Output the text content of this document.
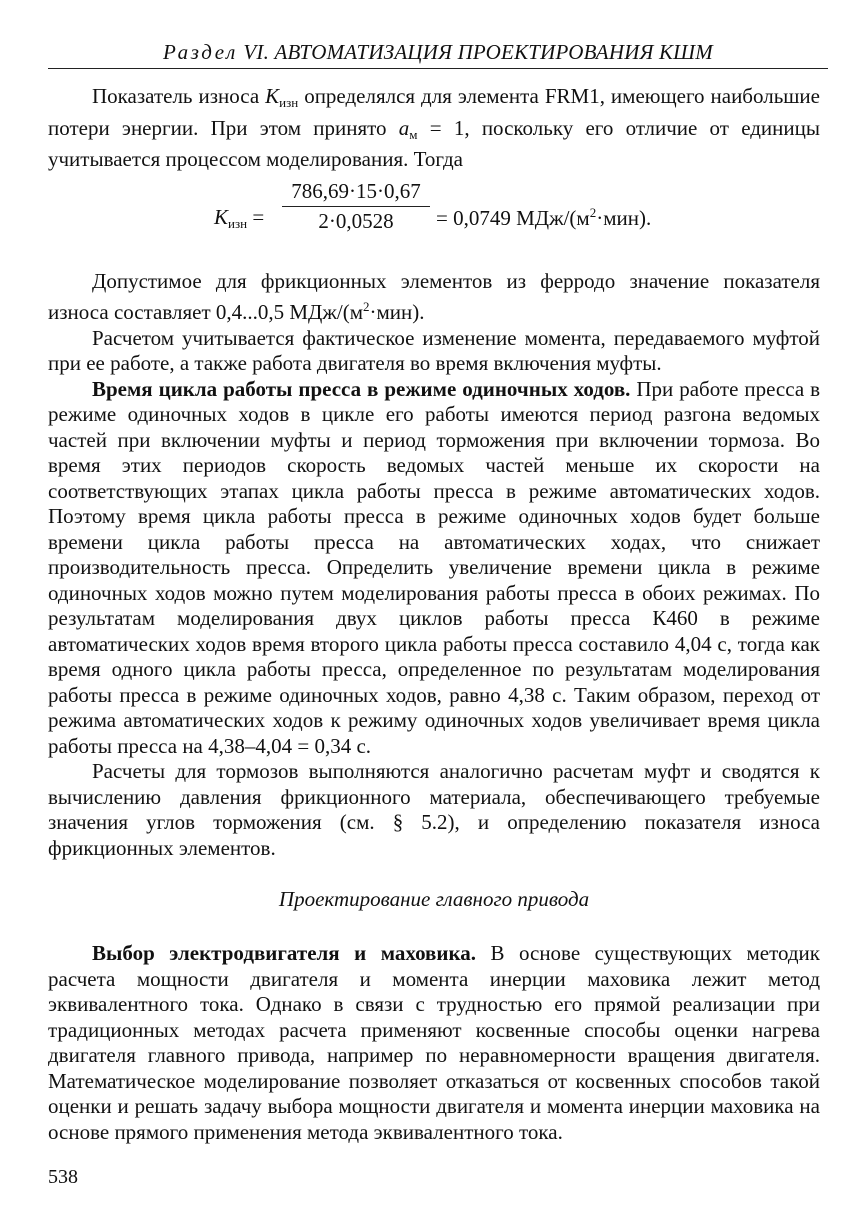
Раздел VI. АВТОМАТИЗАЦИЯ ПРОЕКТИРОВАНИЯ КШМ

Показатель износа $K_{изн}$ определялся для элемента FRM1, имеющего наибольшие потери энергии. При этом принято $a_м = 1$, поскольку его отличие от единицы учитывается процессом моделирования. Тогда

$K_{изн} = \frac{786,69\cdot 15\cdot 0,67}{2\cdot 0,0528} = 0,0749$ МДж/$(м^2\cdot мин)$.

Допустимое для фрикционных элементов из ферродо значение показателя износа составляет 0,4...0,5 МДж/$(м^2\cdot мин)$.

Расчетом учитывается фактическое изменение момента, передаваемого муфтой при ее работе, а также работа двигателя во время включения муфты.

Время цикла работы пресса в режиме одиночных ходов. При работе пресса в режиме одиночных ходов в цикле его работы имеются период разгона ведомых частей при включении муфты и период торможения при включении тормоза. Во время этих периодов скорость ведомых частей меньше их скорости на соответствующих этапах цикла работы пресса в режиме автоматических ходов. Поэтому время цикла работы пресса в режиме одиночных ходов будет больше времени цикла работы пресса на автоматических ходах, что снижает производительность пресса. Определить увеличение времени цикла в режиме одиночных ходов можно путем моделирования работы пресса в обоих режимах. По результатам моделирования двух циклов работы пресса К460 в режиме автоматических ходов время второго цикла работы пресса составило 4,04 с, тогда как время одного цикла работы пресса, определенное по результатам моделирования работы пресса в режиме одиночных ходов, равно 4,38 с. Таким образом, переход от режима автоматических ходов к режиму одиночных ходов увеличивает время цикла работы пресса на 4,38–4,04 = 0,34 с.

Расчеты для тормозов выполняются аналогично расчетам муфт и сводятся к вычислению давления фрикционного материала, обеспечивающего требуемые значения углов торможения (см. § 5.2), и определению показателя износа фрикционных элементов.

Проектирование главного привода

Выбор электродвигателя и маховика. В основе существующих методик расчета мощности двигателя и момента инерции маховика лежит метод эквивалентного тока. Однако в связи с трудностью его прямой реализации при традиционных методах расчета применяют косвенные способы оценки нагрева двигателя главного привода, например по неравномерности вращения двигателя. Математическое моделирование позволяет отказаться от косвенных способов такой оценки и решать задачу выбора мощности двигателя и момента инерции маховика на основе прямого применения метода эквивалентного тока.

538
